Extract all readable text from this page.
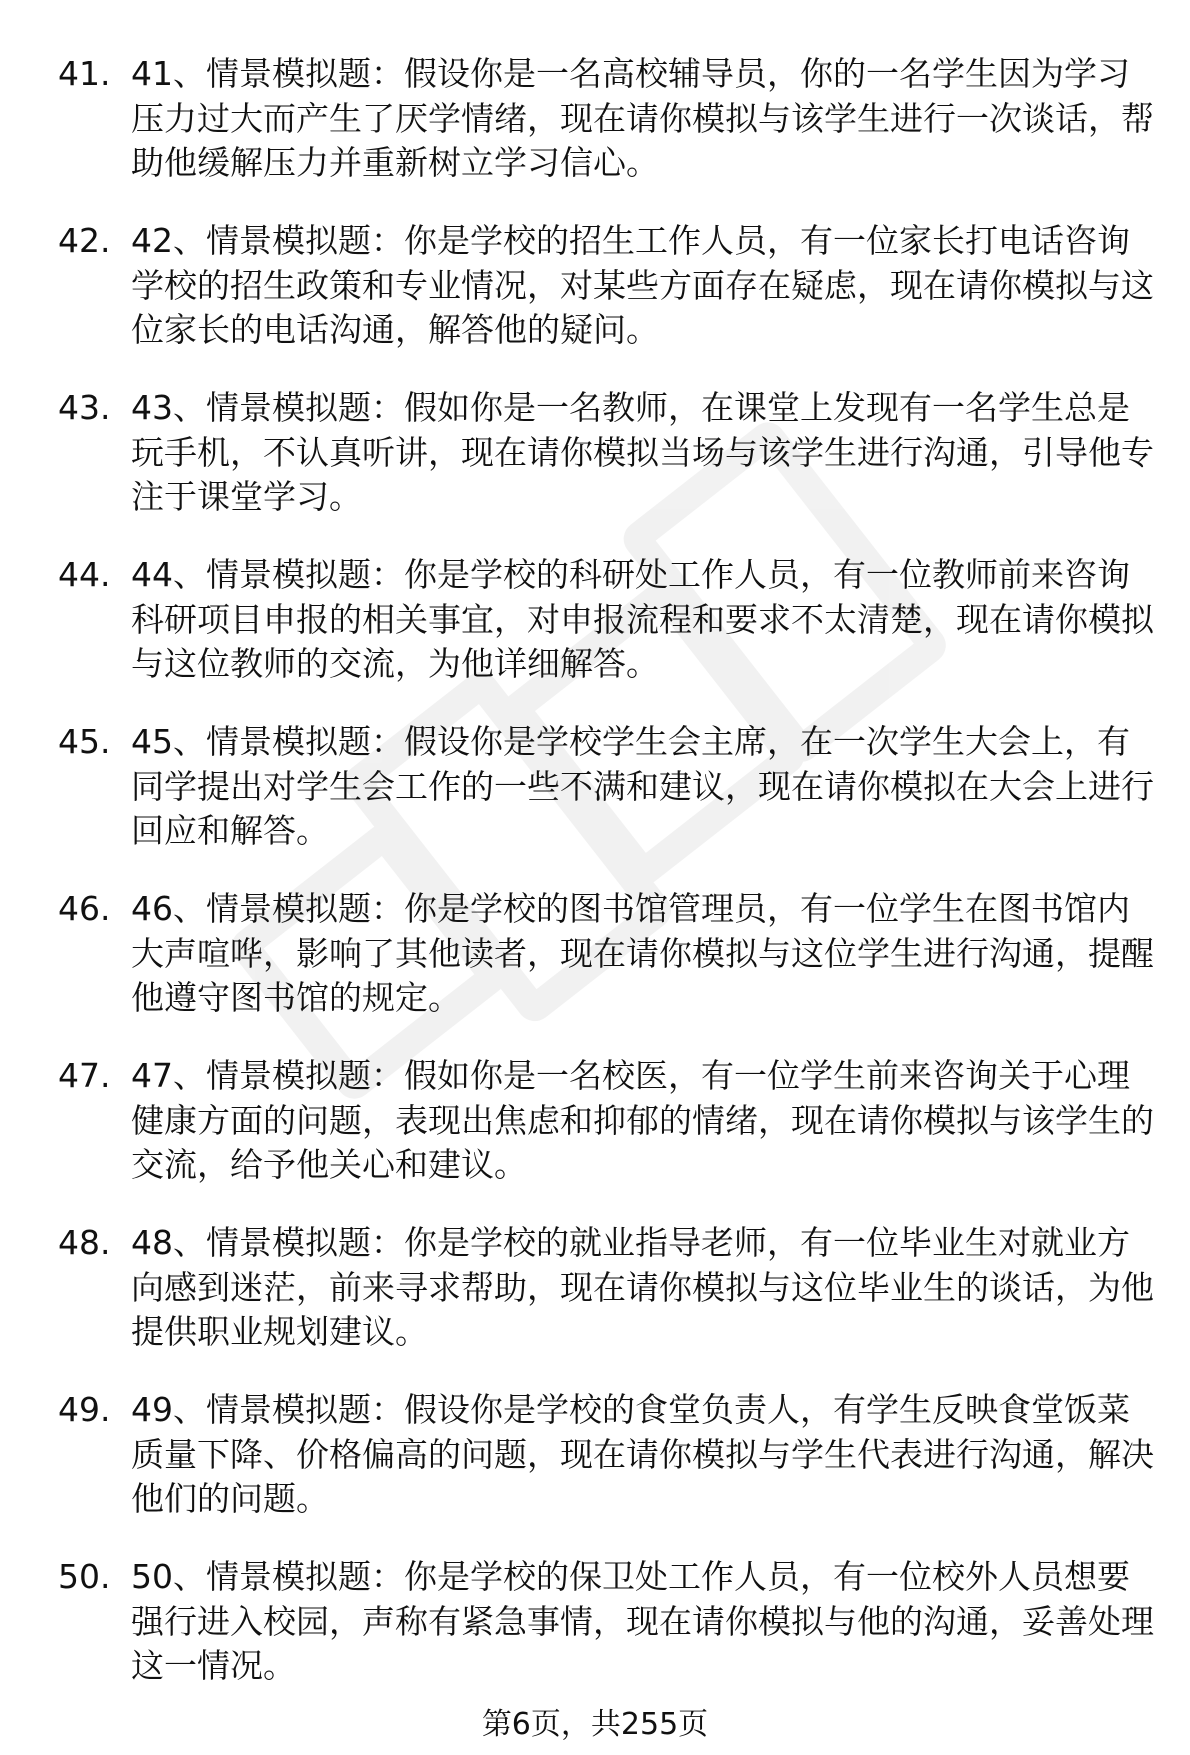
41. 41、情景模拟题：假设你是一名高校辅导员，你的一名学生因为学习压力过大而产生了厌学情绪，现在请你模拟与该学生进行一次谈话，帮助他缓解压力并重新树立学习信心。
42. 42、情景模拟题：你是学校的招生工作人员，有一位家长打电话咨询学校的招生政策和专业情况，对某些方面存在疑虑，现在请你模拟与这位家长的电话沟通，解答他的疑问。
43. 43、情景模拟题：假如你是一名教师，在课堂上发现有一名学生总是玩手机，不认真听讲，现在请你模拟当场与该学生进行沟通，引导他专注于课堂学习。
44. 44、情景模拟题：你是学校的科研处工作人员，有一位教师前来咨询科研项目申报的相关事宜，对申报流程和要求不太清楚，现在请你模拟与这位教师的交流，为他详细解答。
45. 45、情景模拟题：假设你是学校学生会主席，在一次学生大会上，有同学提出对学生会工作的一些不满和建议，现在请你模拟在大会上进行回应和解答。
46. 46、情景模拟题：你是学校的图书馆管理员，有一位学生在图书馆内大声喧哗，影响了其他读者，现在请你模拟与这位学生进行沟通，提醒他遵守图书馆的规定。
47. 47、情景模拟题：假如你是一名校医，有一位学生前来咨询关于心理健康方面的问题，表现出焦虑和抑郁的情绪，现在请你模拟与该学生的交流，给予他关心和建议。
48. 48、情景模拟题：你是学校的就业指导老师，有一位毕业生对就业方向感到迷茫，前来寻求帮助，现在请你模拟与这位毕业生的谈话，为他提供职业规划建议。
49. 49、情景模拟题：假设你是学校的食堂负责人，有学生反映食堂饭菜质量下降、价格偏高的问题，现在请你模拟与学生代表进行沟通，解决他们的问题。
50. 50、情景模拟题：你是学校的保卫处工作人员，有一位校外人员想要强行进入校园，声称有紧急事情，现在请你模拟与他的沟通，妥善处理这一情况。
第6页，共255页
